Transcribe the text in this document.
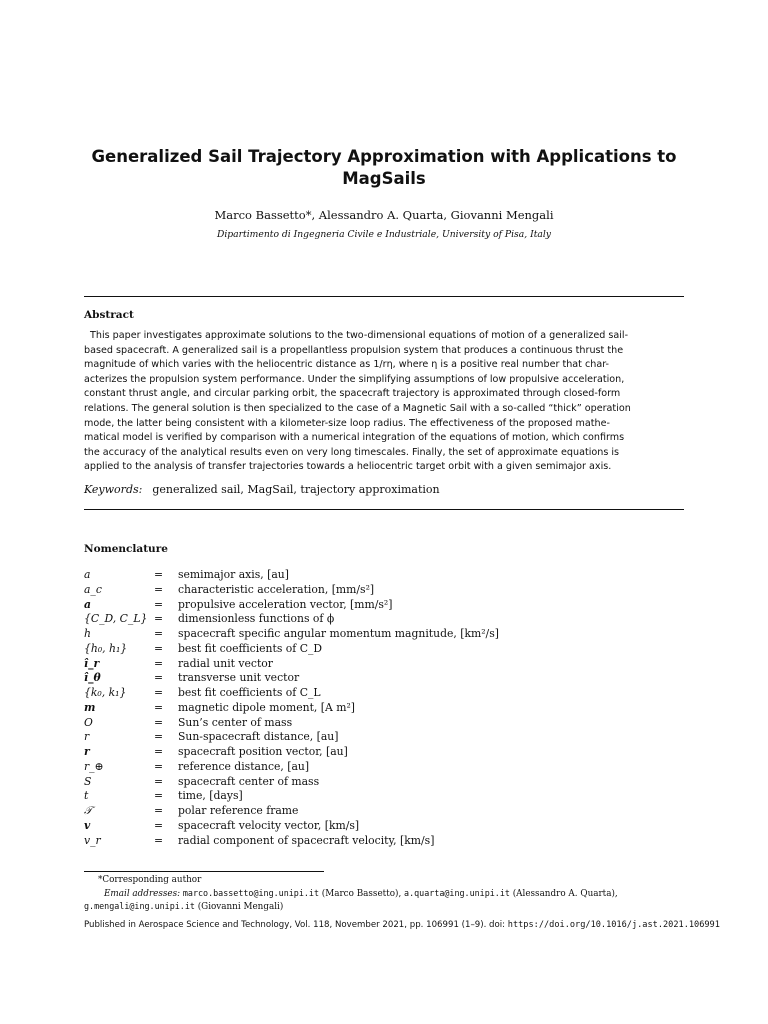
Generalized Sail Trajectory Approximation with Applications to MagSails
Marco Bassetto*, Alessandro A. Quarta, Giovanni Mengali
Dipartimento di Ingegneria Civile e Industriale, University of Pisa, Italy
Abstract
This paper investigates approximate solutions to the two-dimensional equations of motion of a generalized sail-
based spacecraft. A generalized sail is a propellantless propulsion system that produces a continuous thrust the
magnitude of which varies with the heliocentric distance as 1/rη, where η is a positive real number that char-
acterizes the propulsion system performance. Under the simplifying assumptions of low propulsive acceleration,
constant thrust angle, and circular parking orbit, the spacecraft trajectory is approximated through closed-form
relations. The general solution is then specialized to the case of a Magnetic Sail with a so-called “thick” operation
mode, the latter being consistent with a kilometer-size loop radius. The effectiveness of the proposed mathe-
matical model is verified by comparison with a numerical integration of the equations of motion, which confirms
the accuracy of the analytical results even on very long timescales. Finally, the set of approximate equations is
applied to the analysis of transfer trajectories towards a heliocentric target orbit with a given semimajor axis.
Keywords: generalized sail, MagSail, trajectory approximation
Nomenclature
a	= semimajor axis, [au]
a_c	= characteristic acceleration, [mm/s²]
a	= propulsive acceleration vector, [mm/s²]
{C_D, C_L} = dimensionless functions of ϕ
h	= spacecraft specific angular momentum magnitude, [km²/s]
{h₀, h₁} = best fit coefficients of C_D
î_r	= radial unit vector
î_θ	= transverse unit vector
{k₀, k₁}	= best fit coefficients of C_L
m	= magnetic dipole moment, [A m²]
O	= Sun’s center of mass
r	= Sun-spacecraft distance, [au]
r	= spacecraft position vector, [au]
r_⊕	= reference distance, [au]
S	= spacecraft center of mass
t	= time, [days]
𝒯	= polar reference frame
v	= spacecraft velocity vector, [km/s]
v_r	= radial component of spacecraft velocity, [km/s]
*Corresponding author
Email addresses: marco.bassetto@ing.unipi.it (Marco Bassetto), a.quarta@ing.unipi.it (Alessandro A. Quarta),
g.mengali@ing.unipi.it (Giovanni Mengali)
Published in Aerospace Science and Technology, Vol. 118, November 2021, pp. 106991 (1–9). doi: https://doi.org/10.1016/j.ast.2021.106991
